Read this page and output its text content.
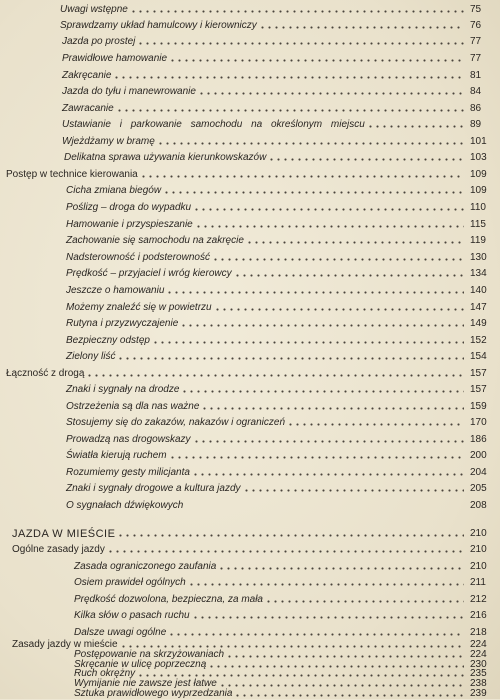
Uwagi wstępne	75
Sprawdzamy układ hamulcowy i kierowniczy	76
Jazda po prostej	77
Prawidłowe hamowanie	77
Zakręcanie	81
Jazda do tyłu i manewrowanie	84
Zawracanie	86
Ustawianie i parkowanie samochodu na określonym miejscu	89
Wjeżdżamy w bramę	101
Delikatna sprawa używania kierunkowskazów	103
Postęp w technice kierowania	109
Cicha zmiana biegów	109
Poślizg – droga do wypadku	110
Hamowanie i przyspieszanie	115
Zachowanie się samochodu na zakręcie	119
Nadsterowność i podsterowność	130
Prędkość – przyjaciel i wróg kierowcy	134
Jeszcze o hamowaniu	140
Możemy znaleźć się w powietrzu	147
Rutyna i przyzwyczajenie	149
Bezpieczny odstęp	152
Zielony liść	154
Łączność z drogą	157
Znaki i sygnały na drodze	157
Ostrzeżenia są dla nas ważne	159
Stosujemy się do zakazów, nakazów i ograniczeń	170
Prowadzą nas drogowskazy	186
Światła kierują ruchem	200
Rozumiemy gesty milicjanta	204
Znaki i sygnały drogowe a kultura jazdy	205
O sygnałach dźwiękowych	208
JAZDA W MIEŚCIE	210
Ogólne zasady jazdy	210
Zasada ograniczonego zaufania	210
Osiem prawideł ogólnych	211
Prędkość dozwolona, bezpieczna, za mała	212
Kilka słów o pasach ruchu	216
Dalsze uwagi ogólne	218
Zasady jazdy w mieście	224
Postępowanie na skrzyżowaniach	224
Skręcanie w ulicę poprzeczną	230
Ruch okrężny	235
Wymijanie nie zawsze jest łatwe	238
Sztuka prawidłowego wyprzedzania	239
